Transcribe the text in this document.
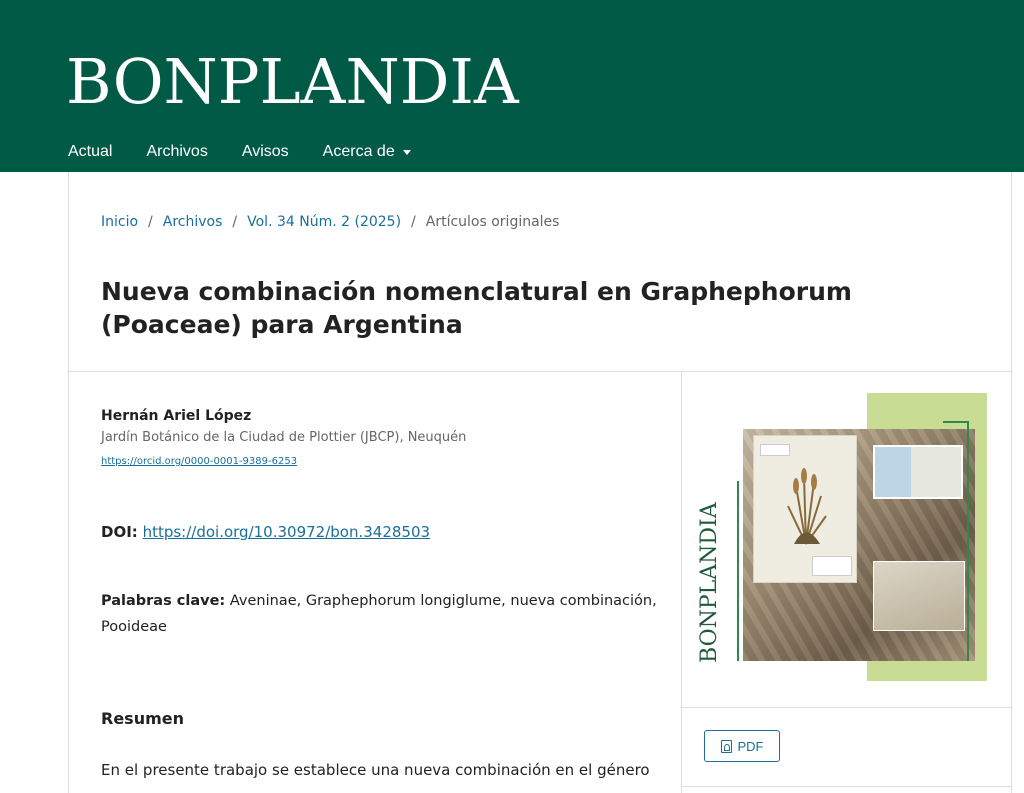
BONPLANDIA
Actual Archivos Avisos Acerca de
Inicio / Archivos / Vol. 34 Núm. 2 (2025) / Artículos originales
Nueva combinación nomenclatural en Graphephorum (Poaceae) para Argentina
Hernán Ariel López
Jardín Botánico de la Ciudad de Plottier (JBCP), Neuquén
https://orcid.org/0000-0001-9389-6253
DOI: https://doi.org/10.30972/bon.3428503
Palabras clave: Aveninae, Graphephorum longiglume, nueva combinación, Pooideae
Resumen
En el presente trabajo se establece una nueva combinación en el género
BONPLANDIA
PDF
